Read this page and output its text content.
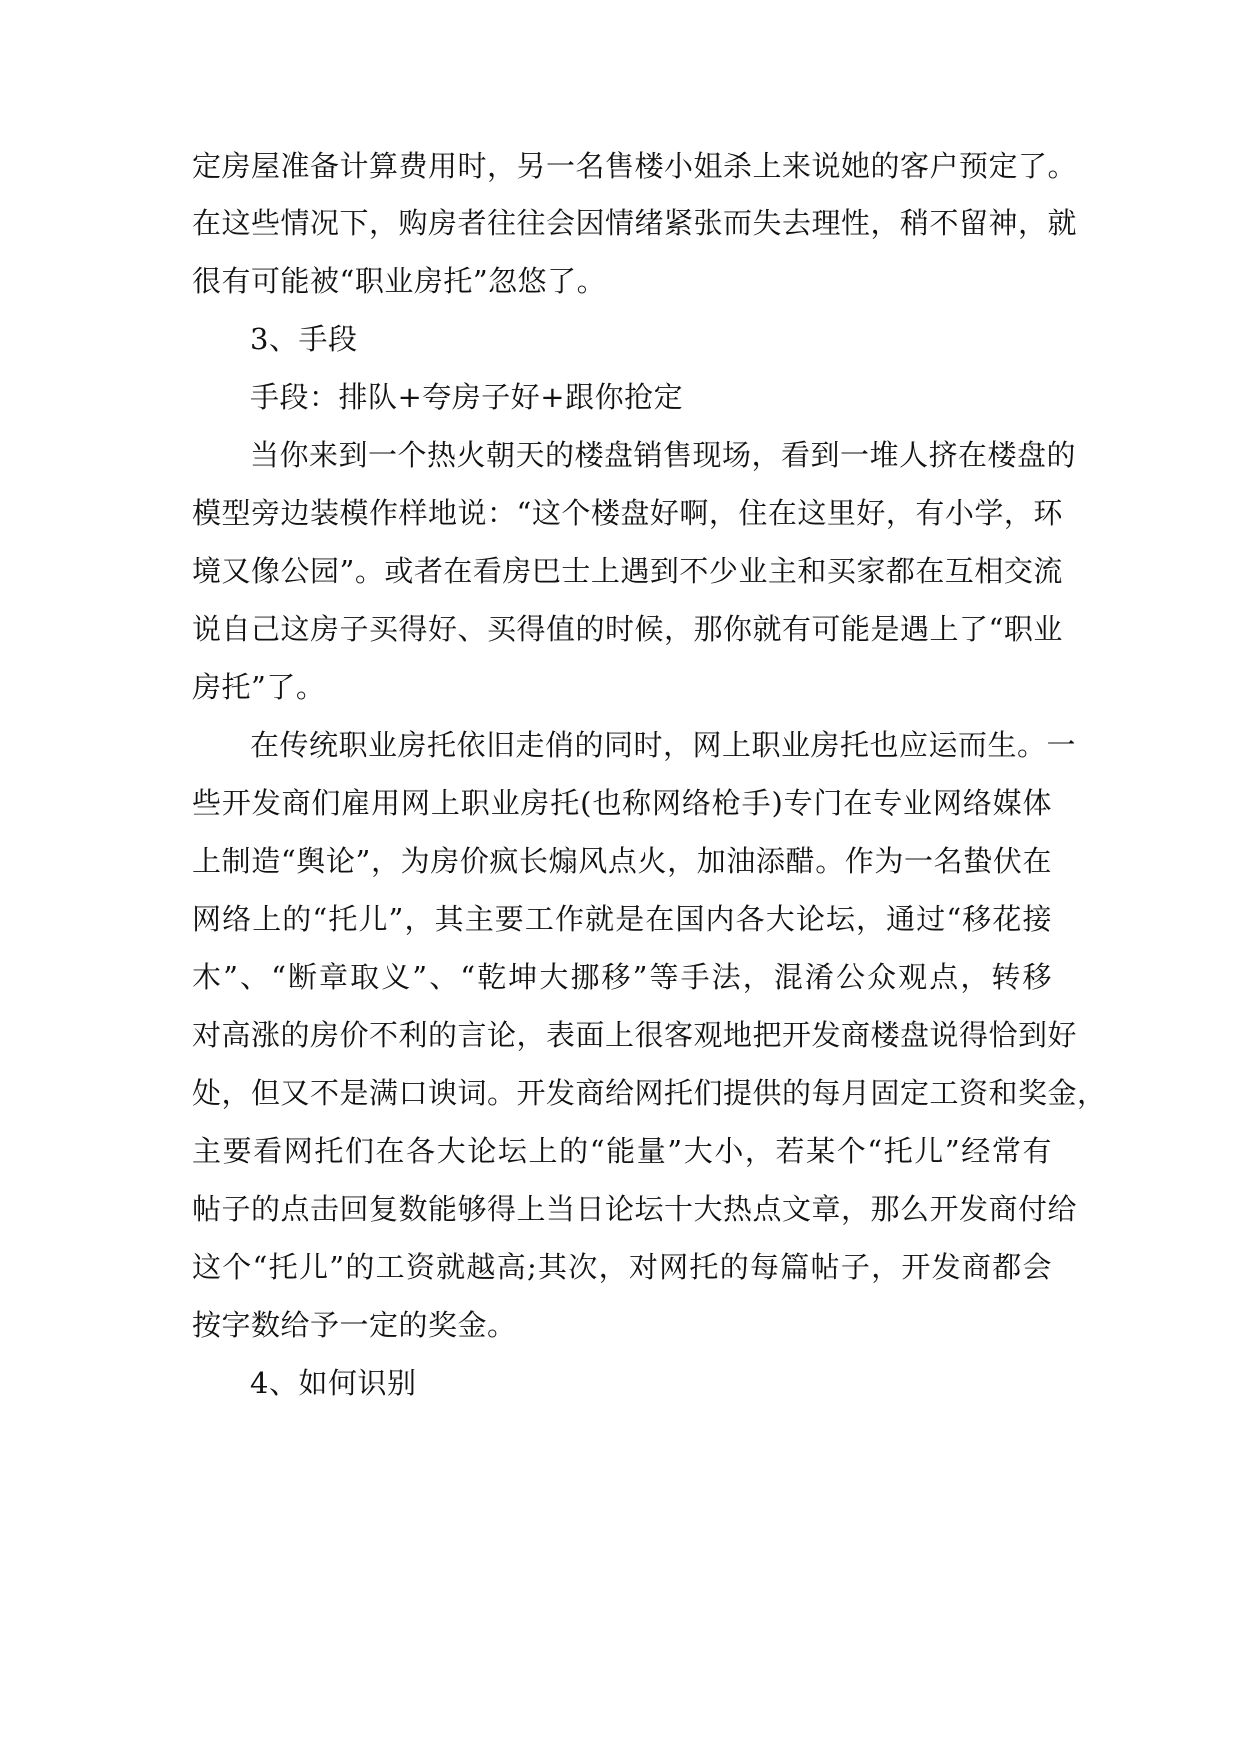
定房屋准备计算费用时，另一名售楼小姐杀上来说她的客户预定了。
在这些情况下，购房者往往会因情绪紧张而失去理性，稍不留神，就
很有可能被“职业房托”忽悠了。
3、手段
手段：排队+夸房子好+跟你抢定
当你来到一个热火朝天的楼盘销售现场，看到一堆人挤在楼盘的
模型旁边装模作样地说：“这个楼盘好啊，住在这里好，有小学，环
境又像公园”。或者在看房巴士上遇到不少业主和买家都在互相交流
说自己这房子买得好、买得值的时候，那你就有可能是遇上了“职业
房托”了。
在传统职业房托依旧走俏的同时，网上职业房托也应运而生。一
些开发商们雇用网上职业房托(也称网络枪手)专门在专业网络媒体
上制造“舆论”，为房价疯长煽风点火，加油添醋。作为一名蛰伏在
网络上的“托儿”，其主要工作就是在国内各大论坛，通过“移花接
木”、“断章取义”、“乾坤大挪移”等手法，混淆公众观点，转移
对高涨的房价不利的言论，表面上很客观地把开发商楼盘说得恰到好
处，但又不是满口谀词。开发商给网托们提供的每月固定工资和奖金，
主要看网托们在各大论坛上的“能量”大小，若某个“托儿”经常有
帖子的点击回复数能够得上当日论坛十大热点文章，那么开发商付给
这个“托儿”的工资就越高;其次，对网托的每篇帖子，开发商都会
按字数给予一定的奖金。
4、如何识别
